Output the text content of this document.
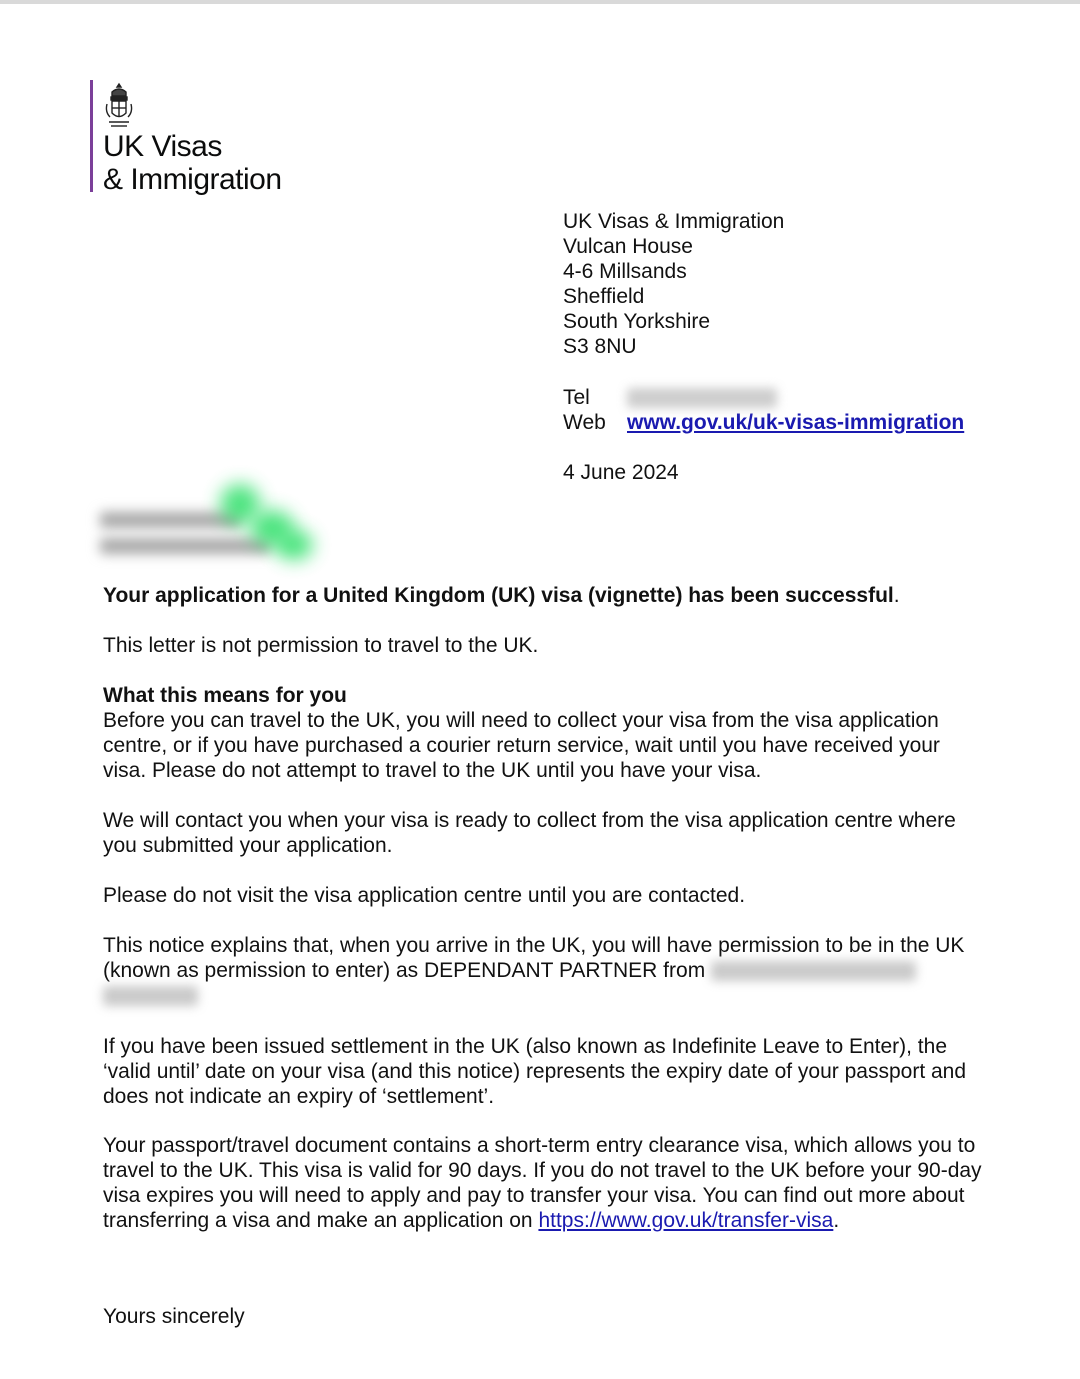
UK Visas
& Immigration
UK Visas & Immigration
Vulcan House
4-6 Millsands
Sheffield
South Yorkshire
S3 8NU
Tel
Web	www.gov.uk/uk-visas-immigration
4 June 2024

Your application for a United Kingdom (UK) visa (vignette) has been successful.

This letter is not permission to travel to the UK.

What this means for you

Before you can travel to the UK, you will need to collect your visa from the visa application centre, or if you have purchased a courier return service, wait until you have received your visa. Please do not attempt to travel to the UK until you have your visa.

We will contact you when your visa is ready to collect from the visa application centre where you submitted your application.

Please do not visit the visa application centre until you are contacted.

This notice explains that, when you arrive in the UK, you will have permission to be in the UK (known as permission to enter) as DEPENDANT PARTNER from

If you have been issued settlement in the UK (also known as Indefinite Leave to Enter), the ‘valid until’ date on your visa (and this notice) represents the expiry date of your passport and does not indicate an expiry of ‘settlement’.

Your passport/travel document contains a short-term entry clearance visa, which allows you to travel to the UK. This visa is valid for 90 days. If you do not travel to the UK before your 90-day visa expires you will need to apply and pay to transfer your visa. You can find out more about transferring a visa and make an application on https://www.gov.uk/transfer-visa.

Yours sincerely
